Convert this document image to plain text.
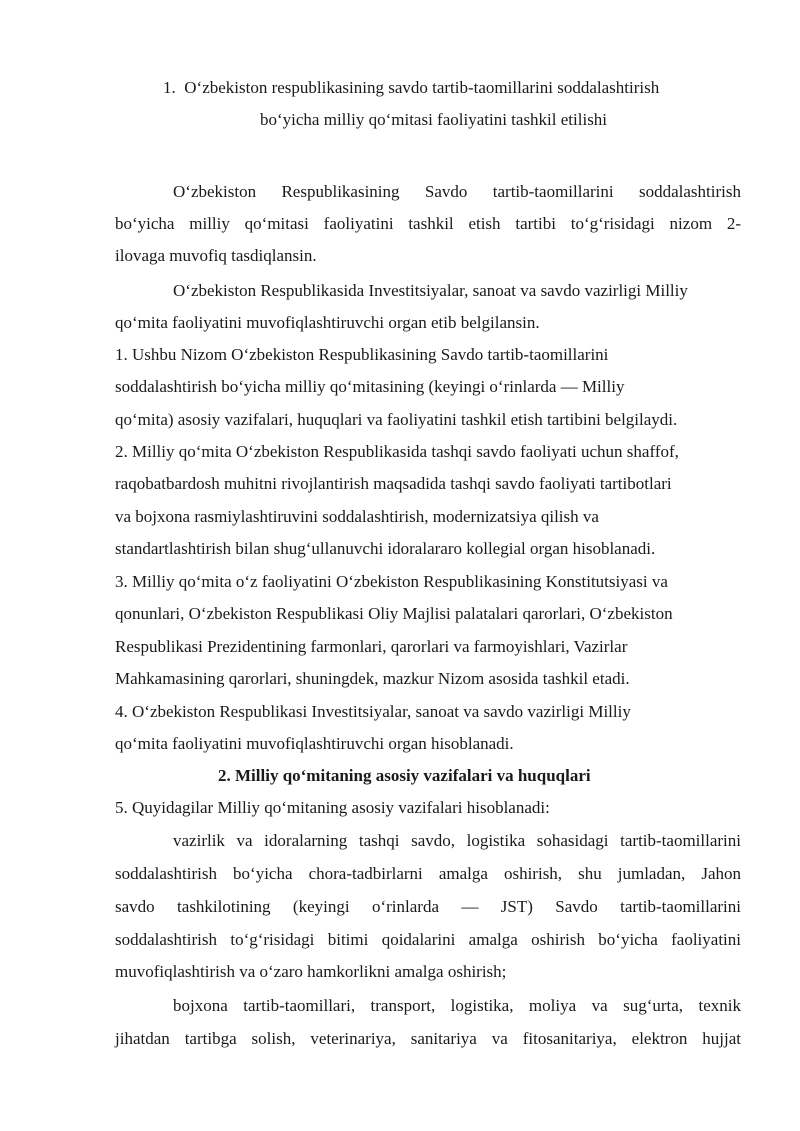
1. O‘zbekiston respublikasining savdo tartib-taomillarini soddalashtirish
bo‘yicha milliy qo‘mitasi faoliyatini tashkil etilishi
O‘zbekiston Respublikasining Savdo tartib-taomillarini soddalashtirish
bo‘yicha milliy qo‘mitasi faoliyatini tashkil etish tartibi to‘g‘risidagi nizom 2-
ilovaga muvofiq tasdiqlansin.
O‘zbekiston Respublikasida Investitsiyalar, sanoat va savdo vazirligi Milliy
qo‘mita faoliyatini muvofiqlashtiruvchi organ etib belgilansin.
1. Ushbu Nizom O‘zbekiston Respublikasining Savdo tartib-taomillarini
soddalashtirish bo‘yicha milliy qo‘mitasining (keyingi o‘rinlarda — Milliy
qo‘mita) asosiy vazifalari, huquqlari va faoliyatini tashkil etish tartibini belgilaydi.
2. Milliy qo‘mita O‘zbekiston Respublikasida tashqi savdo faoliyati uchun shaffof,
raqobatbardosh muhitni rivojlantirish maqsadida tashqi savdo faoliyati tartibotlari
va bojxona rasmiylashtiruvini soddalashtirish, modernizatsiya qilish va
standartlashtirish bilan shug‘ullanuvchi idoralararo kollegial organ hisoblanadi.
3. Milliy qo‘mita o‘z faoliyatini O‘zbekiston Respublikasining Konstitutsiyasi va
qonunlari, O‘zbekiston Respublikasi Oliy Majlisi palatalari qarorlari, O‘zbekiston
Respublikasi Prezidentining farmonlari, qarorlari va farmoyishlari, Vazirlar
Mahkamasining qarorlari, shuningdek, mazkur Nizom asosida tashkil etadi.
4. O‘zbekiston Respublikasi Investitsiyalar, sanoat va savdo vazirligi Milliy
qo‘mita faoliyatini muvofiqlashtiruvchi organ hisoblanadi.
2. Milliy qo‘mitaning asosiy vazifalari va huquqlari
5. Quyidagilar Milliy qo‘mitaning asosiy vazifalari hisoblanadi:
vazirlik va idoralarning tashqi savdo, logistika sohasidagi tartib-taomillarini
soddalashtirish bo‘yicha chora-tadbirlarni amalga oshirish, shu jumladan, Jahon
savdo tashkilotining (keyingi o‘rinlarda — JST) Savdo tartib-taomillarini
soddalashtirish to‘g‘risidagi bitimi qoidalarini amalga oshirish bo‘yicha faoliyatini
muvofiqlashtirish va o‘zaro hamkorlikni amalga oshirish;
bojxona tartib-taomillari, transport, logistika, moliya va sug‘urta, texnik
jihatdan tartibga solish, veterinariya, sanitariya va fitosanitariya, elektron hujjat
